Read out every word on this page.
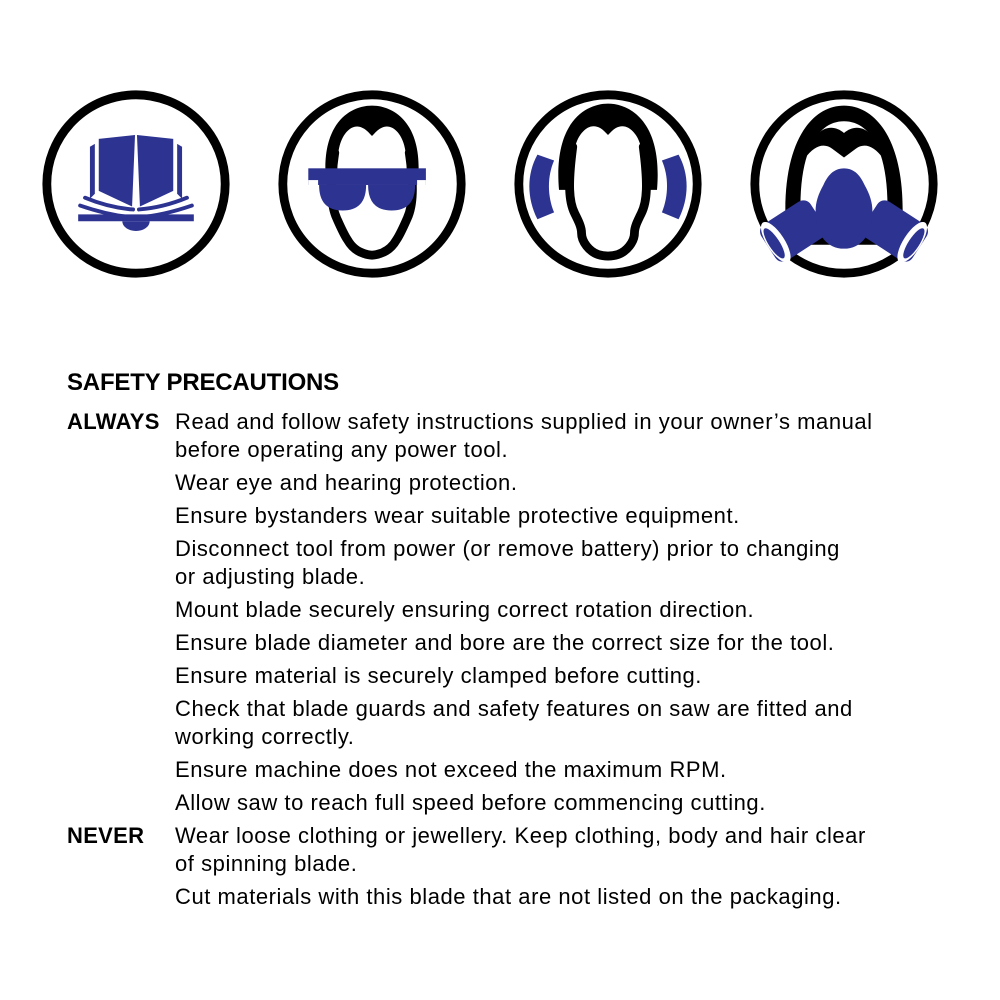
SAFETY PRECAUTIONS
ALWAYS Read and follow safety instructions supplied in your owner’s manual
before operating any power tool.
Wear eye and hearing protection.
Ensure bystanders wear suitable protective equipment.
Disconnect tool from power (or remove battery) prior to changing
or adjusting blade.
Mount blade securely ensuring correct rotation direction.
Ensure blade diameter and bore are the correct size for the tool.
Ensure material is securely clamped before cutting.
Check that blade guards and safety features on saw are fitted and
working correctly.
Ensure machine does not exceed the maximum RPM.
Allow saw to reach full speed before commencing cutting.
NEVER	Wear loose clothing or jewellery. Keep clothing, body and hair clear
of spinning blade.
Cut materials with this blade that are not listed on the packaging.
